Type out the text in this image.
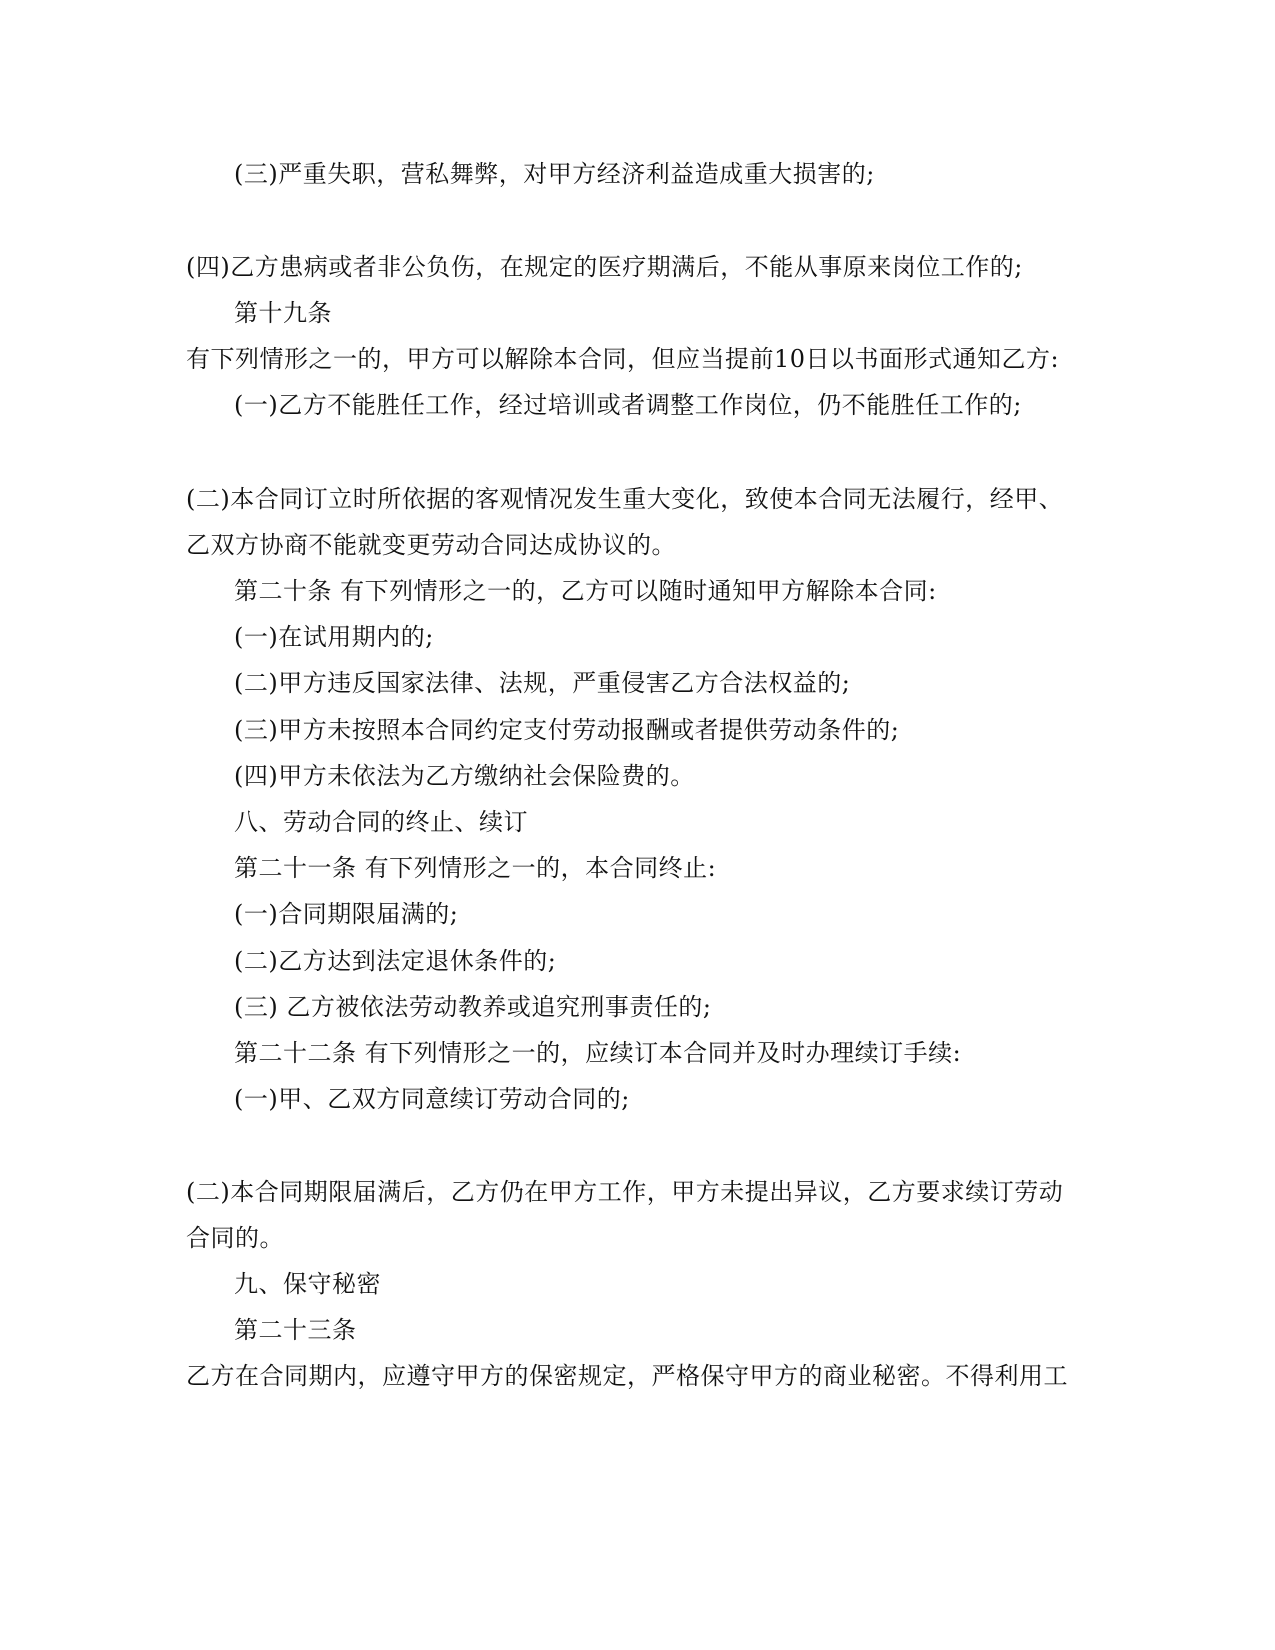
(三)严重失职，营私舞弊，对甲方经济利益造成重大损害的;
(四)乙方患病或者非公负伤，在规定的医疗期满后，不能从事原来岗位工作的;
第十九条
有下列情形之一的，甲方可以解除本合同，但应当提前10日以书面形式通知乙方:
(一)乙方不能胜任工作，经过培训或者调整工作岗位，仍不能胜任工作的;
(二)本合同订立时所依据的客观情况发生重大变化，致使本合同无法履行，经甲、
乙双方协商不能就变更劳动合同达成协议的。
第二十条 有下列情形之一的，乙方可以随时通知甲方解除本合同:
(一)在试用期内的;
(二)甲方违反国家法律、法规，严重侵害乙方合法权益的;
(三)甲方未按照本合同约定支付劳动报酬或者提供劳动条件的;
(四)甲方未依法为乙方缴纳社会保险费的。
八、劳动合同的终止、续订
第二十一条 有下列情形之一的，本合同终止:
(一)合同期限届满的;
(二)乙方达到法定退休条件的;
(三) 乙方被依法劳动教养或追究刑事责任的;
第二十二条 有下列情形之一的，应续订本合同并及时办理续订手续:
(一)甲、乙双方同意续订劳动合同的;
(二)本合同期限届满后，乙方仍在甲方工作，甲方未提出异议，乙方要求续订劳动
合同的。
九、保守秘密
第二十三条
乙方在合同期内，应遵守甲方的保密规定，严格保守甲方的商业秘密。不得利用工
